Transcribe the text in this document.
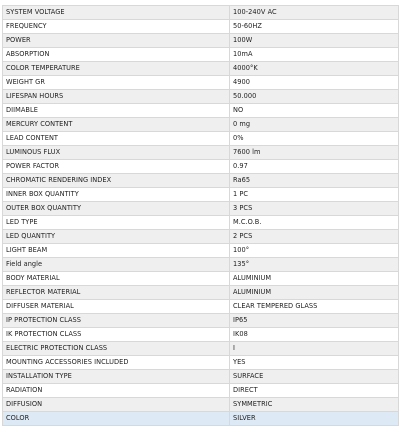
SYSTEM VOLTAGE	100-240V AC
FREQUENCY	50-60HZ
POWER	100W
ABSORPTION	10mA
COLOR TEMPERATURE	4000°K
WEIGHT GR	4900
LIFESPAN HOURS	50.000
DIIMABLE	NO
MERCURY CONTENT	0 mg
LEAD CONTENT	0%
LUMINOUS FLUX	7600 lm
POWER FACTOR	0.97
CHROMATIC RENDERING INDEX	Ra65
INNER BOX QUANTITY	1 PC
OUTER BOX QUANTITY	3 PCS
LED TYPE	M.C.O.B.
LED QUANTITY	2 PCS
LIGHT BEAM	100°
Field angle	135°
BODY MATERIAL	ALUMINIUM
REFLECTOR MATERIAL	ALUMINIUM
DIFFUSER MATERIAL	CLEAR TEMPERED GLASS
IP PROTECTION CLASS	IP65
IK PROTECTION CLASS	IK08
ELECTRIC PROTECTION CLASS	I
MOUNTING ACCESSORIES INCLUDED	YES
INSTALLATION TYPE	SURFACE
RADIATION	DIRECT
DIFFUSION	SYMMETRIC
COLOR	SILVER
